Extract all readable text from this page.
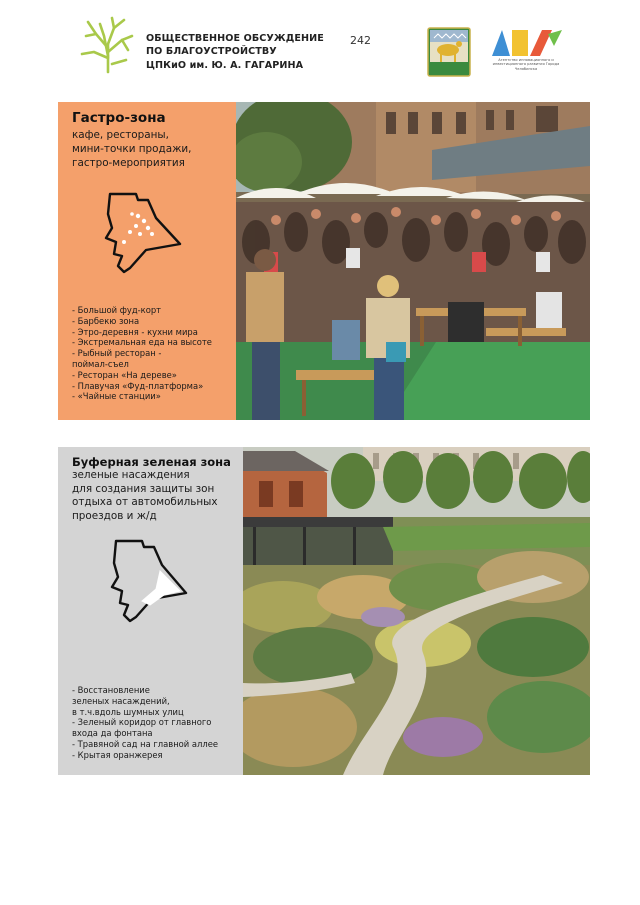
ОБЩЕСТВЕННОЕ ОБСУЖДЕНИЕ
ПО БЛАГОУСТРОЙСТВУ
ЦПКиО им. Ю. А. ГАГАРИНА
242
Агентство инновационного и инвестиционного развития Города Челябинска
Гастро-зона
кафе, рестораны,
мини-точки продажи,
гастро-мероприятия
- Большой фуд-корт
- Барбекю зона
- Этро-деревня - кухни мира
- Экстремальная еда на высоте
- Рыбный ресторан -
поймал-съел
- Ресторан «На дереве»
- Плавучая «Фуд-платформа»
- «Чайные станции»
Буферная зеленая зона
зеленые насаждения
для создания защиты зон
отдыха от автомобильных
проездов и ж/д
- Восстановление
зеленых насаждений,
в т.ч.вдоль шумных улиц
- Зеленый коридор от главного
входа да фонтана
- Травяной сад на главной аллее
- Крытая оранжерея
